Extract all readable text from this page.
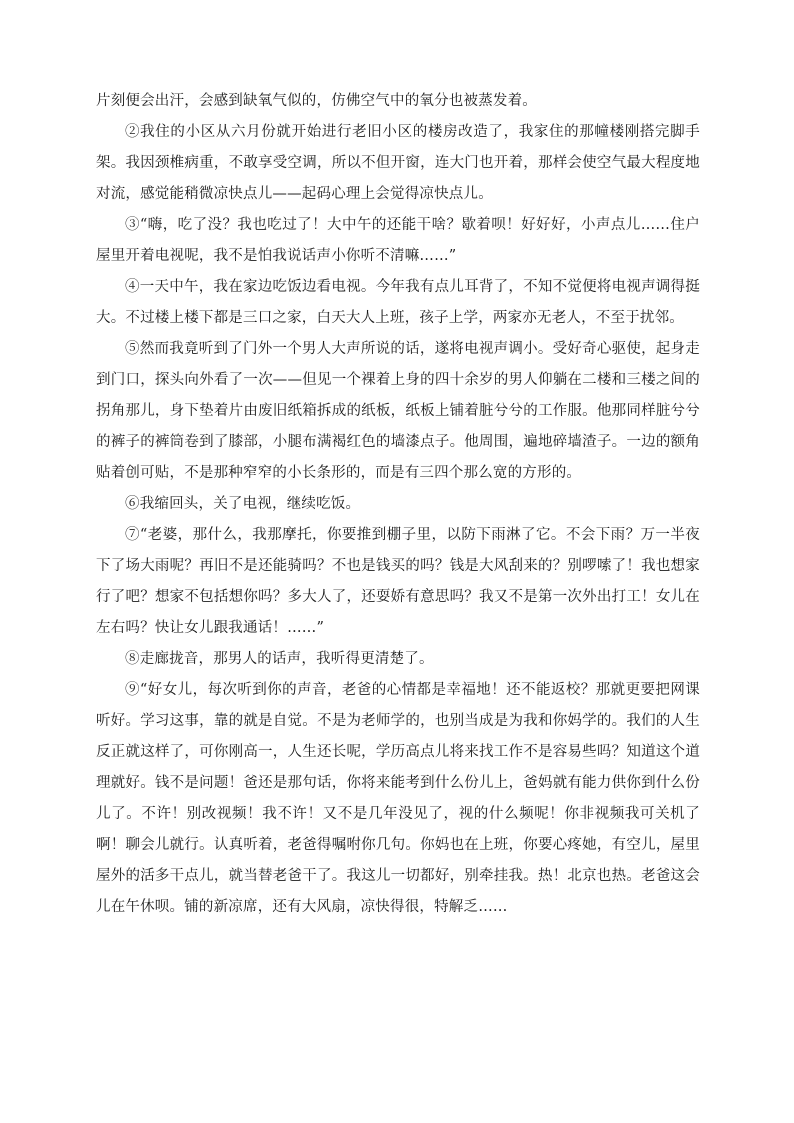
片刻便会出汗，会感到缺氧气似的，仿佛空气中的氧分也被蒸发着。

②我住的小区从六月份就开始进行老旧小区的楼房改造了，我家住的那幢楼刚搭完脚手架。我因颈椎病重，不敢享受空调，所以不但开窗，连大门也开着，那样会使空气最大程度地对流，感觉能稍微凉快点儿——起码心理上会觉得凉快点儿。

③“嗨，吃了没？我也吃过了！大中午的还能干啥？歇着呗！好好好，小声点儿……住户屋里开着电视呢，我不是怕我说话声小你听不清嘛……”

④一天中午，我在家边吃饭边看电视。今年我有点儿耳背了，不知不觉便将电视声调得挺大。不过楼上楼下都是三口之家，白天大人上班，孩子上学，两家亦无老人，不至于扰邻。

⑤然而我竟听到了门外一个男人大声所说的话，遂将电视声调小。受好奇心驱使，起身走到门口，探头向外看了一次——但见一个裸着上身的四十余岁的男人仰躺在二楼和三楼之间的拐角那儿，身下垫着片由废旧纸箱拆成的纸板，纸板上铺着脏兮兮的工作服。他那同样脏兮兮的裤子的裤筒卷到了膝部，小腿布满褐红色的墙漆点子。他周围，遍地碎墙渣子。一边的额角贴着创可贴，不是那种窄窄的小长条形的，而是有三四个那么宽的方形的。

⑥我缩回头，关了电视，继续吃饭。

⑦“老婆，那什么，我那摩托，你要推到棚子里，以防下雨淋了它。不会下雨？万一半夜下了场大雨呢？再旧不是还能骑吗？不也是钱买的吗？钱是大风刮来的？别啰嗦了！我也想家行了吧？想家不包括想你吗？多大人了，还耍娇有意思吗？我又不是第一次外出打工！女儿在左右吗？快让女儿跟我通话！……”

⑧走廊拢音，那男人的话声，我听得更清楚了。

⑨“好女儿，每次听到你的声音，老爸的心情都是幸福地！还不能返校？那就更要把网课听好。学习这事，靠的就是自觉。不是为老师学的，也别当成是为我和你妈学的。我们的人生反正就这样了，可你刚高一，人生还长呢，学历高点儿将来找工作不是容易些吗？知道这个道理就好。钱不是问题！爸还是那句话，你将来能考到什么份儿上，爸妈就有能力供你到什么份儿了。不许！别改视频！我不许！又不是几年没见了，视的什么频呢！你非视频我可关机了啊！聊会儿就行。认真听着，老爸得嘱咐你几句。你妈也在上班，你要心疼她，有空儿，屋里屋外的活多干点儿，就当替老爸干了。我这儿一切都好，别牵挂我。热！北京也热。老爸这会儿在午休呗。铺的新凉席，还有大风扇，凉快得很，特解乏……
